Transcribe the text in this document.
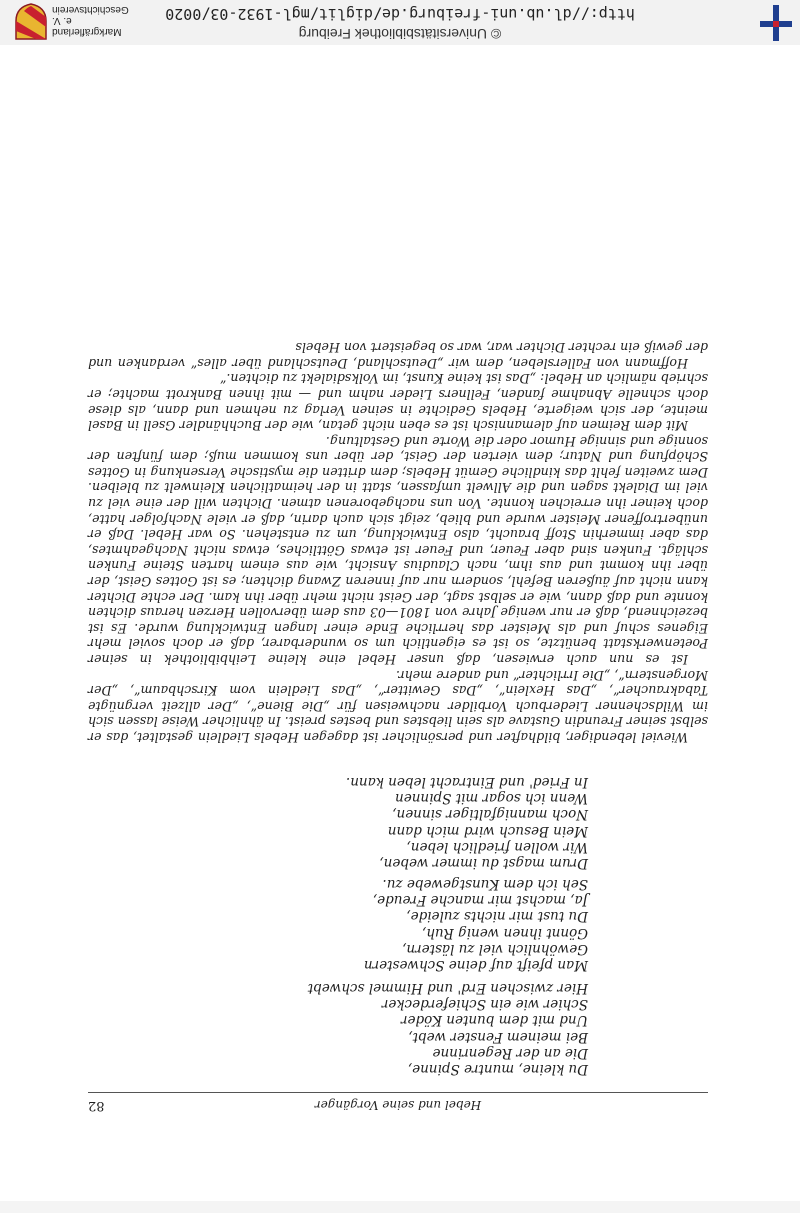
82	Hebel und seine Vorgänger
Du kleine, muntre Spinne,
Die an der Regenrinne
Bei meinem Fenster webt,
Und mit dem bunten Köder
Schier wie ein Schieferdecker
Hier zwischen Erd' und Himmel schwebt
Man pfeift auf deine Schwestern
Gewöhnlich viel zu lästern,
Gönnt ihnen wenig Ruh,
Du tust mir nichts zuleide,
Ja, machst mir manche Freude,
Seh ich dem Kunstgewebe zu.
Drum magst du immer weben,
Wir wollen friedlich leben,
Mein Besuch wird mich dann
Noch mannigfaltiger sinnen,
Wenn ich sogar mit Spinnen
In Fried' und Eintracht leben kann.

Wieviel lebendiger, bildhafter und persönlicher ist dagegen Hebels Liedlein gestaltet, das er selbst seiner Freundin Gustave als sein liebstes und bestes preist. In ähnlicher Weise lassen sich im Wildschenner Liederbuch Vorbilder nachweisen für „Die Biene“, „Der allzeit vergnügte Tabakraucher“, „Das Hexlein“, „Das Gewitter“, „Das Liedlein vom Kirschbaum“, „Der Morgenstern“, „Die Irrlichter“ und andere mehr.

Ist es nun auch erwiesen, daß unser Hebel eine kleine Leihbibliothek in seiner Poetenwerkstatt benützte, so ist es eigentlich um so wunderbarer, daß er doch soviel mehr Eigenes schuf und als Meister das herrliche Ende einer langen Entwicklung wurde. Es ist bezeichnend, daß er nur wenige Jahre von 1801—03 aus dem übervollen Herzen heraus dichten konnte und daß dann, wie er selbst sagt, der Geist nicht mehr über ihn kam. Der echte Dichter kann nicht auf äußeren Befehl, sondern nur auf inneren Zwang dichten; es ist Gottes Geist, der über ihn kommt und aus ihm, nach Claudius Ansicht, wie aus einem harten Steine Funken schlägt. Funken sind aber Feuer, und Feuer ist etwas Göttliches, etwas nicht Nachgeahmtes, das aber immerhin Stoff braucht, also Entwicklung, um zu entstehen. So war Hebel. Daß er unübertroffener Meister wurde und blieb, zeigt sich auch darin, daß er viele Nachfolger hatte, doch keiner ihn erreichen konnte. Von uns nachgeborenen atmen. Dichten will der eine viel zu viel im Dialekt sagen und die Allwelt umfassen, statt in der heimatlichen Kleinwelt zu bleiben. Dem zweiten fehlt das kindliche Gemüt Hebels; dem dritten die mystische Versenkung in Gottes Schöpfung und Natur; dem vierten der Geist, der über uns kommen muß; dem fünften der sonnige und sinnige Humor oder die Worte und Gestaltung.

Mit dem Reimen auf alemannisch ist es eben nicht getan, wie der Buchhändler Gsell in Basel meinte, der sich weigerte, Hebels Gedichte in seinen Verlag zu nehmen und dann, als diese doch schnelle Abnahme fanden, Fellners Lieder nahm und — mit ihnen Bankrott machte; er schrieb nämlich an Hebel: „Das ist keine Kunst, im Volksdialekt zu dichten.“

Hoffmann von Fallersleben, dem wir „Deutschland, Deutschland über alles“ verdanken und der gewiß ein rechter Dichter war, war so begeistert von Hebels

© Universitätsbibliothek Freiburg
http://dl.ub.uni-freiburg.de/diglit/mgl-1932-03/0020
Markgräflerland e. V. Geschichtsverein
